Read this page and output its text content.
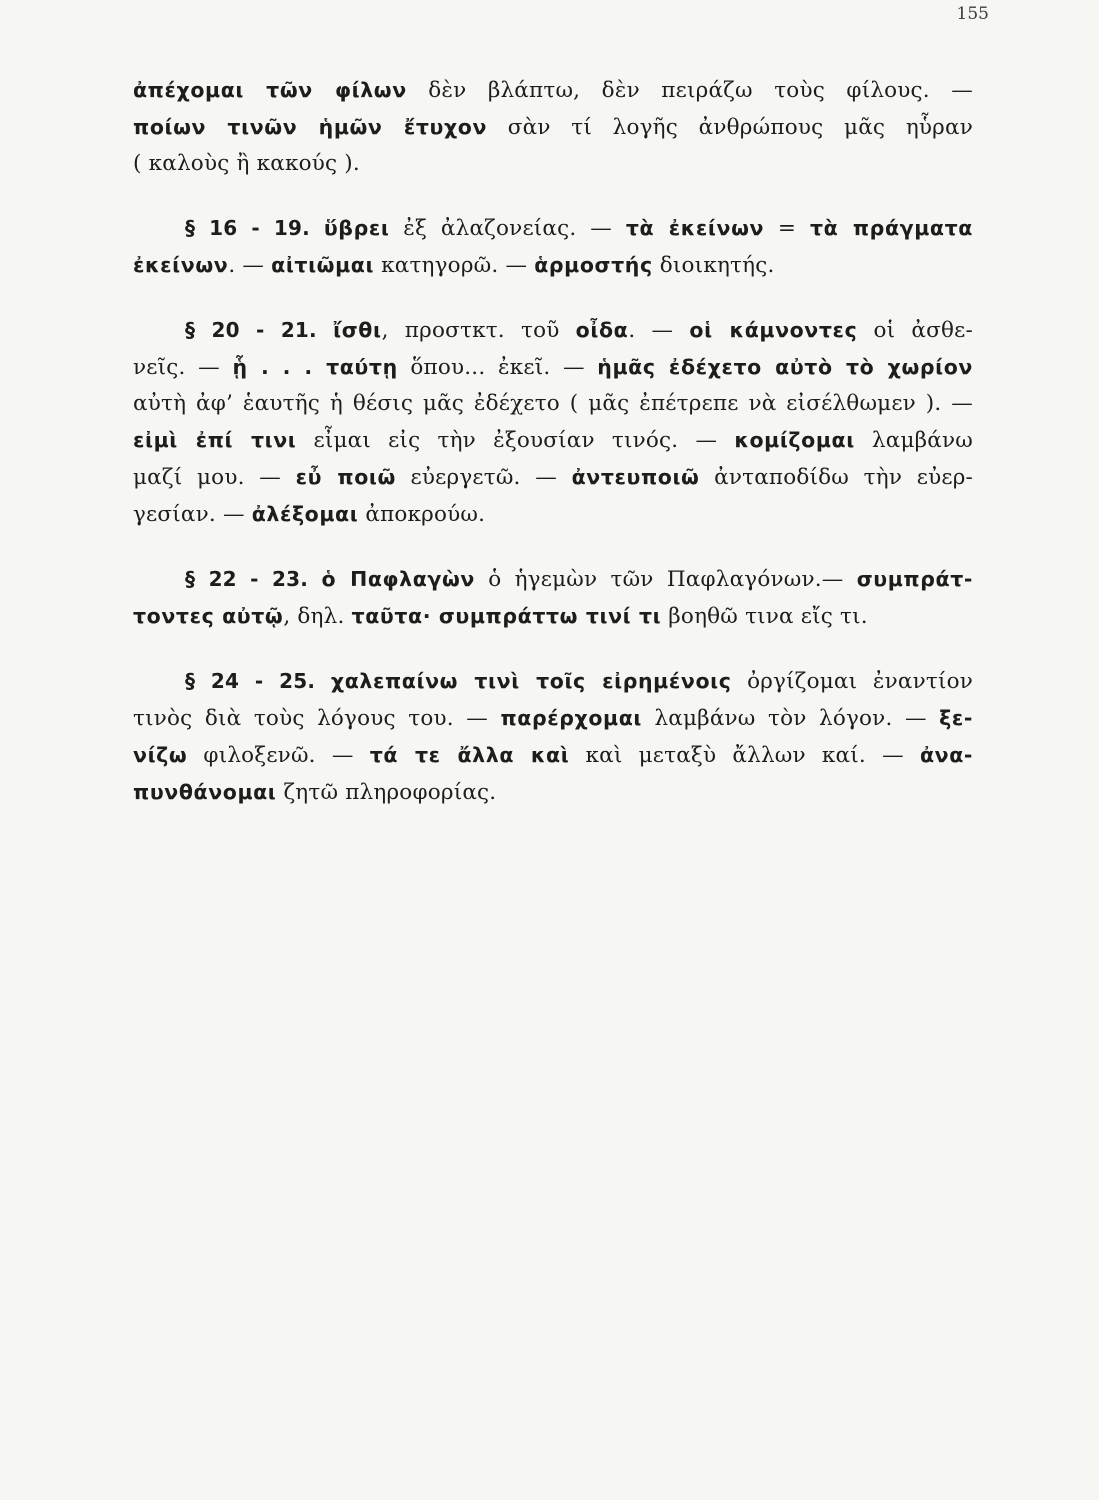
155
ἀπέχομαι τῶν φίλων δὲν βλάπτω, δὲν πειράζω τοὺς φίλους. —
ποίων τινῶν ἡμῶν ἔτυχον σὰν τί λογῆς ἀνθρώπους μᾶς ηὗραν
( καλοὺς ἢ κακούς ).
§ 16 - 19. ὕβρει ἐξ ἀλαζονείας. — τὰ ἐκείνων = τὰ πράγματα
ἐκείνων. — αἰτιῶμαι κατηγορῶ. — ἁρμοστής διοικητής.
§ 20 - 21. ἴσθι, προστκτ. τοῦ οἶδα. — οἱ κάμνοντες οἱ ἀσθε-
νεῖς. — ᾗ . . . ταύτῃ ὅπου... ἐκεῖ. — ἡμᾶς ἐδέχετο αὐτὸ τὸ χωρίον
αὐτὴ ἀφ’ ἑαυτῆς ἡ θέσις μᾶς ἐδέχετο ( μᾶς ἐπέτρεπε νὰ εἰσέλθωμεν ). —
εἰμὶ ἐπί τινι εἶμαι εἰς τὴν ἐξουσίαν τινός. — κομίζομαι λαμβάνω
μαζί μου. — εὖ ποιῶ εὐεργετῶ. — ἀντευποιῶ ἀνταποδίδω τὴν εὐερ-
γεσίαν. — ἀλέξομαι ἀποκρούω.
§ 22 - 23. ὁ Παφλαγὼν ὁ ἡγεμὼν τῶν Παφλαγόνων.— συμπράτ-
τοντες αὐτῷ, δηλ. ταῦτα· συμπράττω τινί τι βοηθῶ τινα εἴς τι.
§ 24 - 25. χαλεπαίνω τινὶ τοῖς εἰρημένοις ὀργίζομαι ἐναντίον
τινὸς διὰ τοὺς λόγους του. — παρέρχομαι λαμβάνω τὸν λόγον. — ξε-
νίζω φιλοξενῶ. — τά τε ἄλλα καὶ καὶ μεταξὺ ἄλλων καί. — ἀνα-
πυνθάνομαι ζητῶ πληροφορίας.
